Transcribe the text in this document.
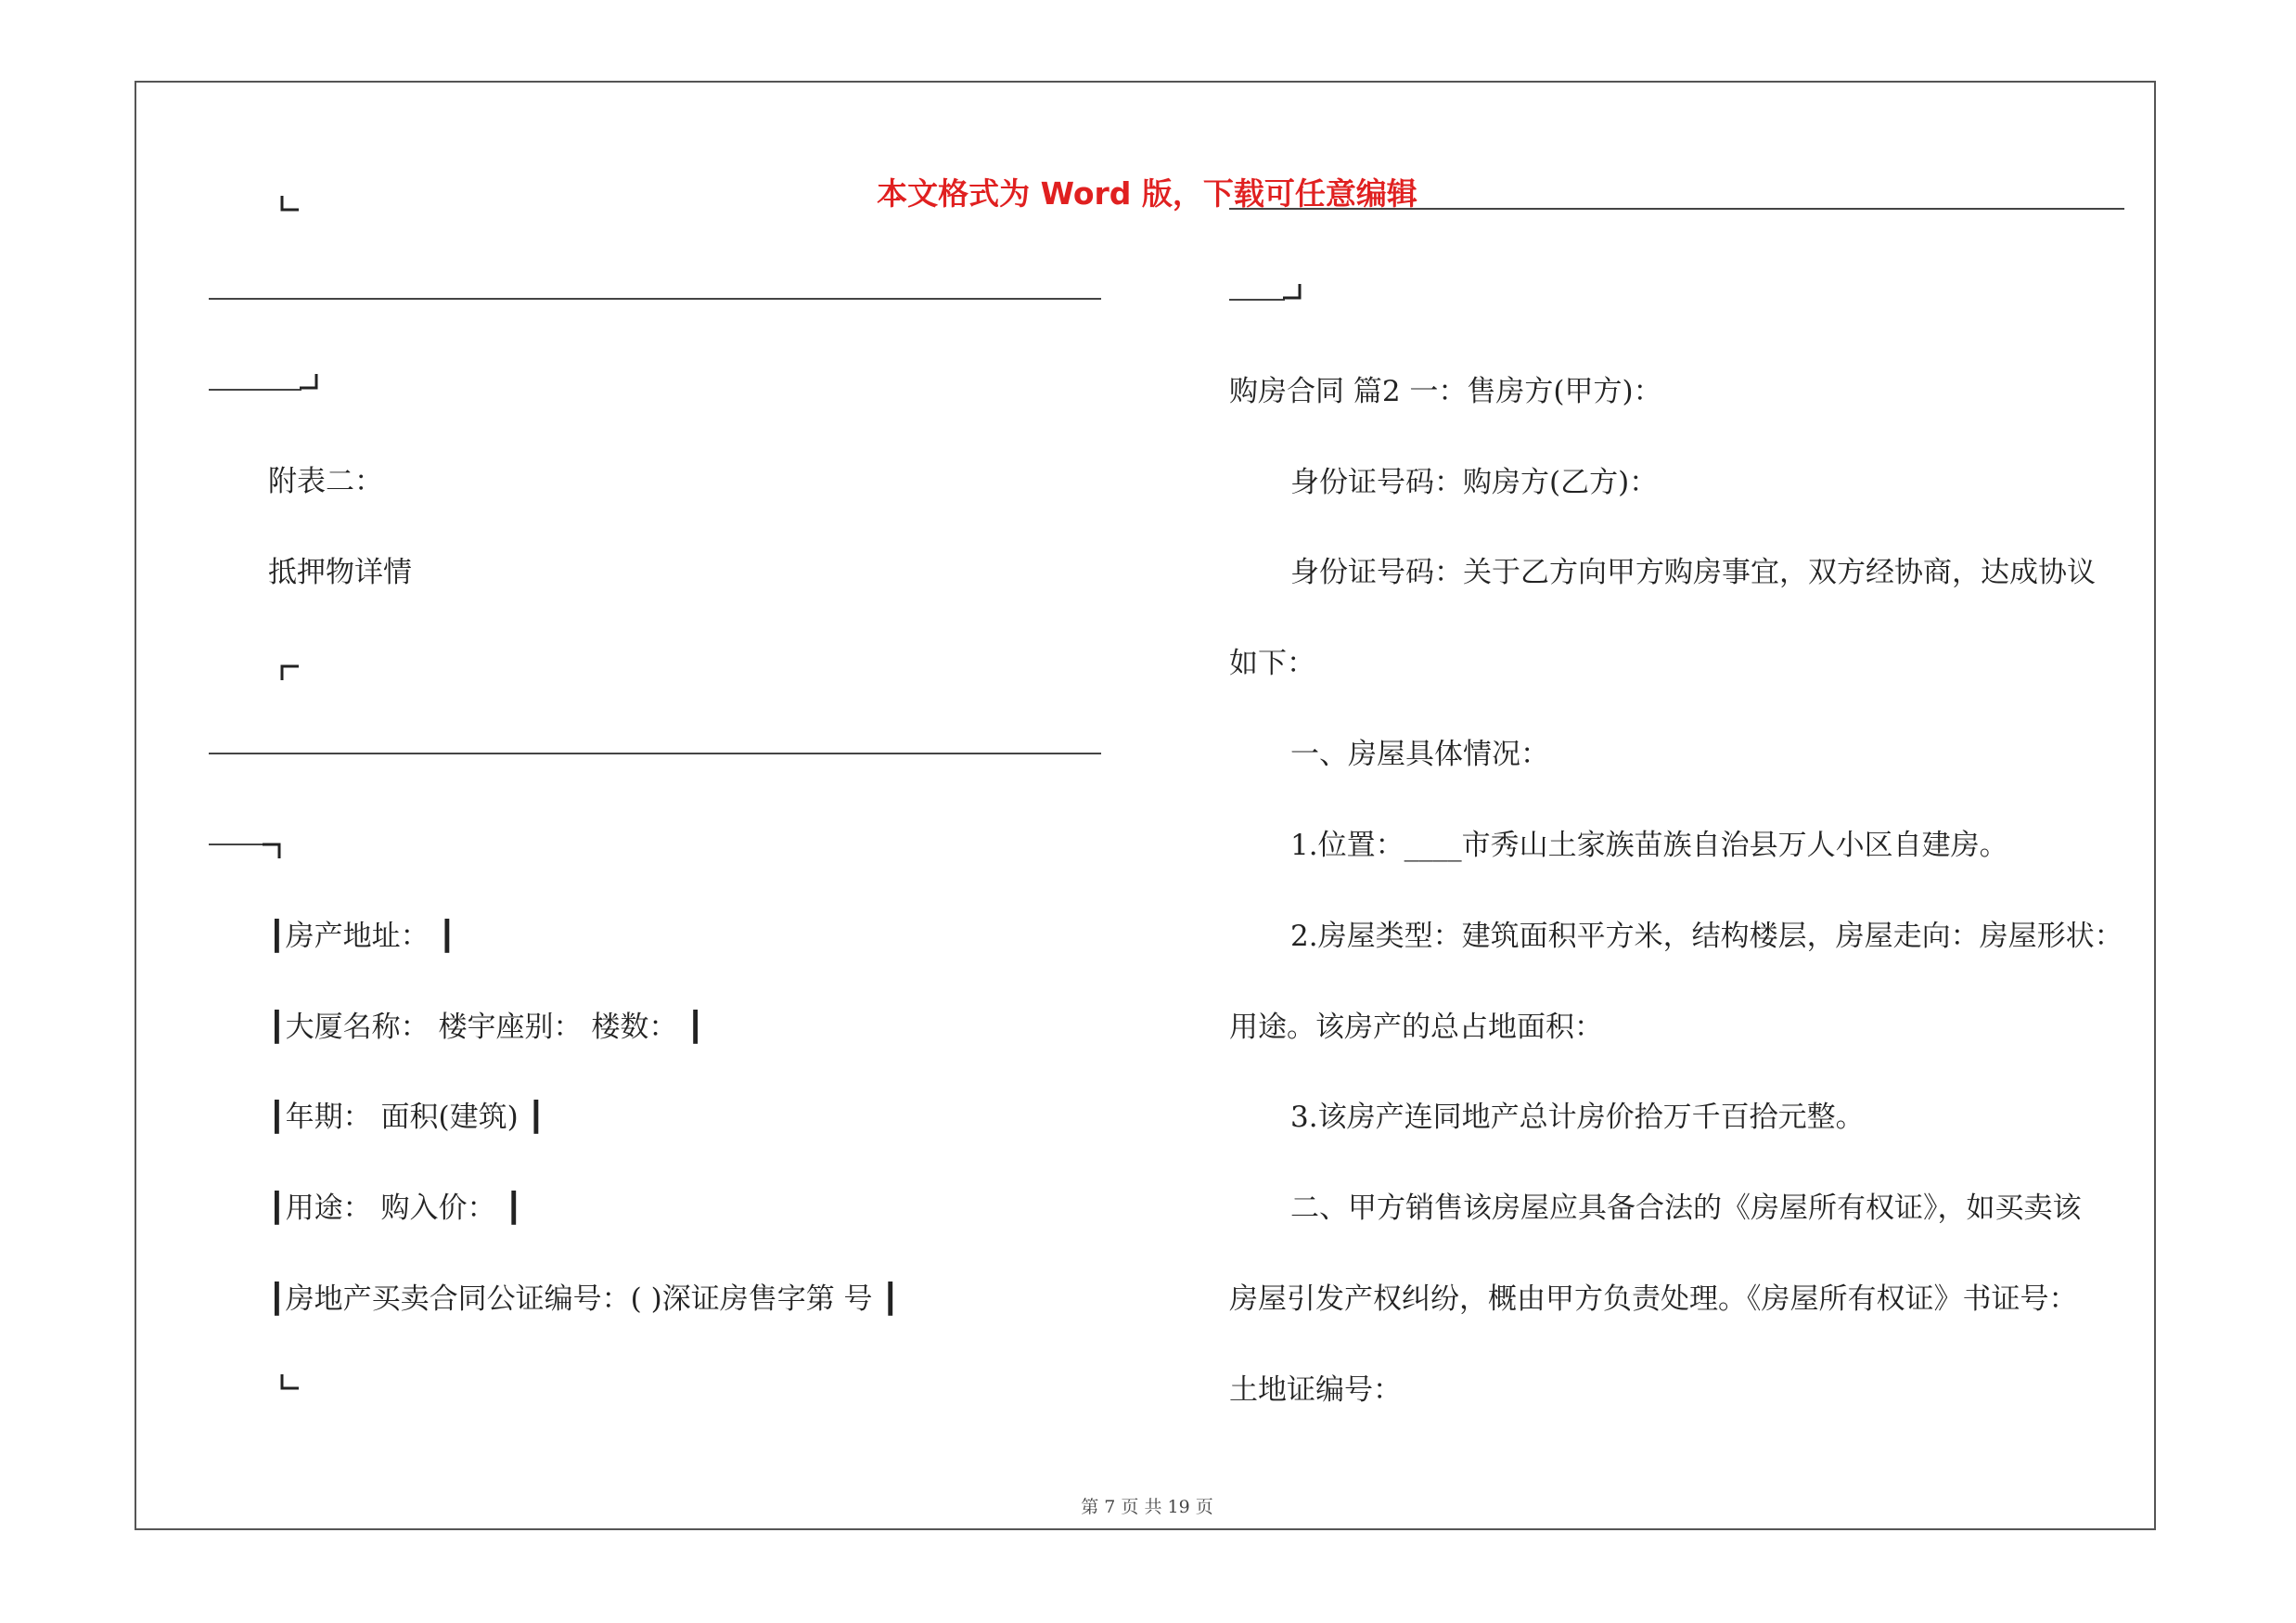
本文格式为 Word 版，下载可任意编辑
附表二：
抵押物详情
┃房产地址： ┃
┃大厦名称： 楼宇座别： 楼数： ┃
┃年期： 面积(建筑) ┃
┃用途： 购入价： ┃
┃房地产买卖合同公证编号：( )深证房售字第 号 ┃
购房合同 篇2 一：售房方(甲方)：
身份证号码：购房方(乙方)：
身份证号码：关于乙方向甲方购房事宜，双方经协商，达成协议
如下：
一、房屋具体情况：
1.位置：____市秀山土家族苗族自治县万人小区自建房。
2.房屋类型：建筑面积平方米，结构楼层，房屋走向：房屋形状：
用途。该房产的总占地面积：
3.该房产连同地产总计房价拾万千百拾元整。
二、甲方销售该房屋应具备合法的《房屋所有权证》，如买卖该
房屋引发产权纠纷，概由甲方负责处理。《房屋所有权证》书证号：
土地证编号：
第 7 页 共 19 页
